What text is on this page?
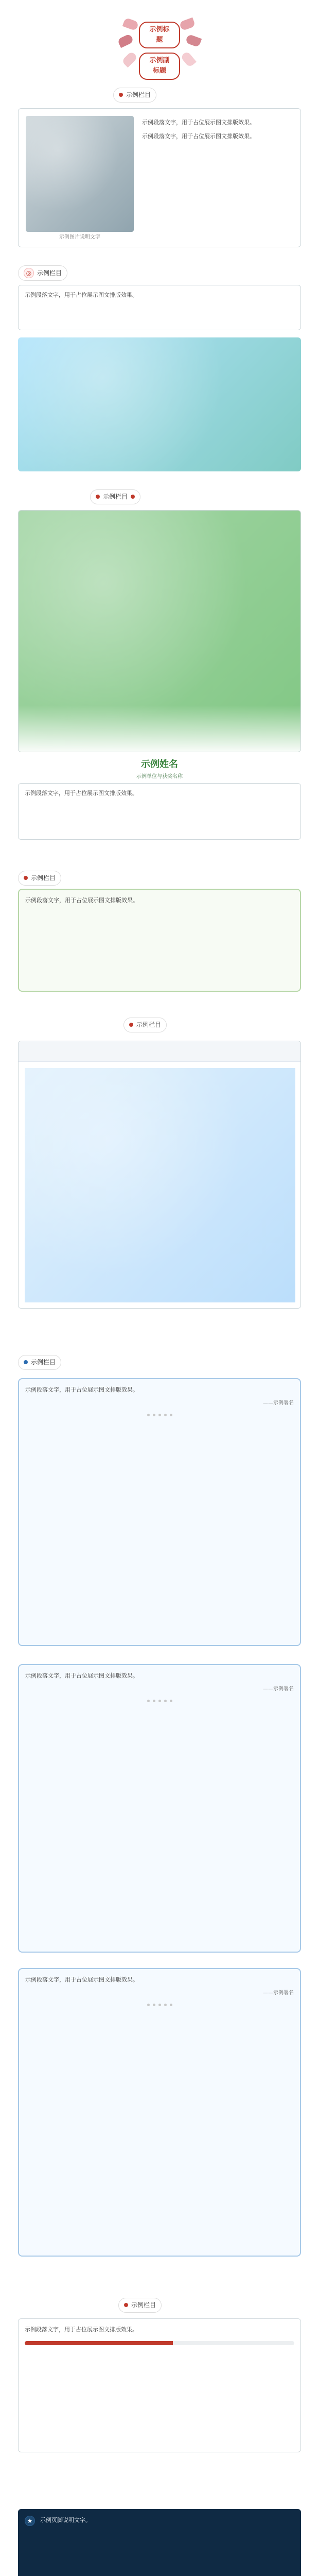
示例标题 示例副标题
示例栏目
示例图片说明文字

示例段落文字，用于占位展示图文排版效果。

示例段落文字，用于占位展示图文排版效果。

◎ 示例栏目

示例段落文字，用于占位展示图文排版效果。

示例栏目
示例姓名
示例单位与获奖名称

示例段落文字，用于占位展示图文排版效果。

示例栏目

示例段落文字，用于占位展示图文排版效果。

示例栏目
示例栏目

示例段落文字，用于占位展示图文排版效果。

——示例署名

示例段落文字，用于占位展示图文排版效果。

——示例署名

示例段落文字，用于占位展示图文排版效果。

——示例署名
示例栏目

示例段落文字，用于占位展示图文排版效果。

★	示例页脚说明文字。
